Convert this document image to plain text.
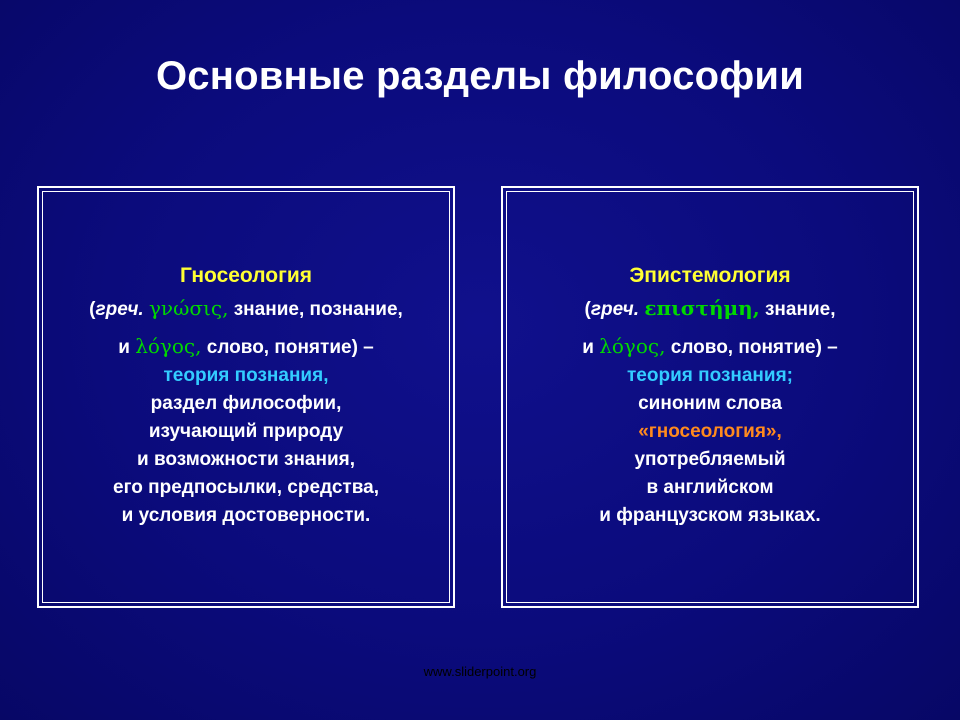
Основные разделы философии
Гносеология
(греч. γνώσις, знание, познание,
и λόγος, слово, понятие) –
теория познания,
раздел философии,
изучающий природу
и возможности знания,
его предпосылки, средства,
и условия достоверности.
Эпистемология
(греч. επιστήμη, знание,
и λόγος, слово, понятие) –
теория познания;
синоним слова
«гносеология»,
употребляемый
в английском
и французском языках.
www.sliderpoint.org
